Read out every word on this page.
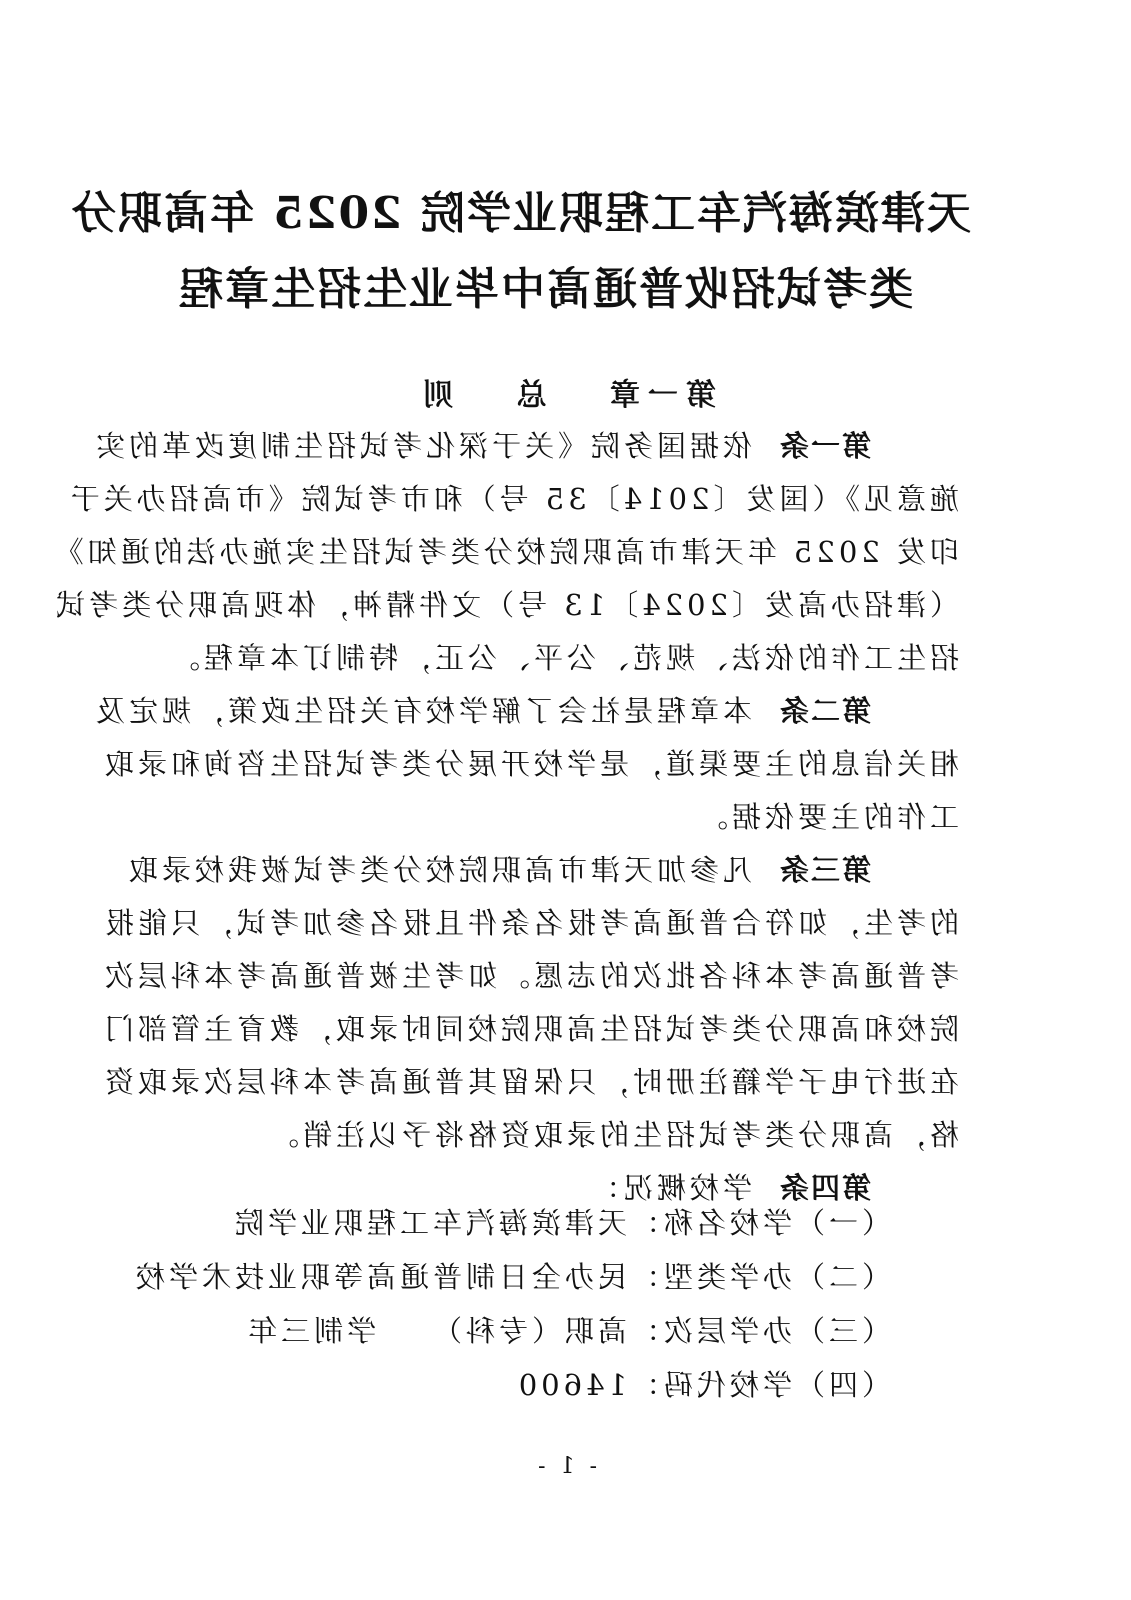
天津滨海汽车工程职业学院 2025 年高职分
类考试招收普通高中毕业生招生章程
第一章   总   则
第一条依据国务院《关于深化考试招生制度改革的实
施意见》（国发〔2014〕35 号）和市考试院《市高招办关于
印发 2025 年天津市高职院校分类考试招生实施办法的通知》
（津招办高发〔2024〕13 号）文件精神，体现高职分类考试
招生工作的依法、规范、公平、公正，特制订本章程。
第二条本章程是社会了解学校有关招生政策，规定及
相关信息的主要渠道，是学校开展分类考试招生咨询和录取
工作的主要依据。
第三条凡参加天津市高职院校分类考试被我校录取
的考生，如符合普通高考报名条件且报名参加考试，只能报
考普通高考本科各批次的志愿。如考生被普通高考本科层次
院校和高职分类考试招生高职院校同时录取，教育主管部门
在进行电子学籍注册时，只保留其普通高考本科层次录取资
格，高职分类考试招生的录取资格将予以注销。
第四条学校概况：
（一）学校名称：天津滨海汽车工程职业学院
（二）办学类型：民办全日制普通高等职业技术学校
（三）办学层次：高职（专科）    学制三年
（四）学校代码：14600
- 1 -
